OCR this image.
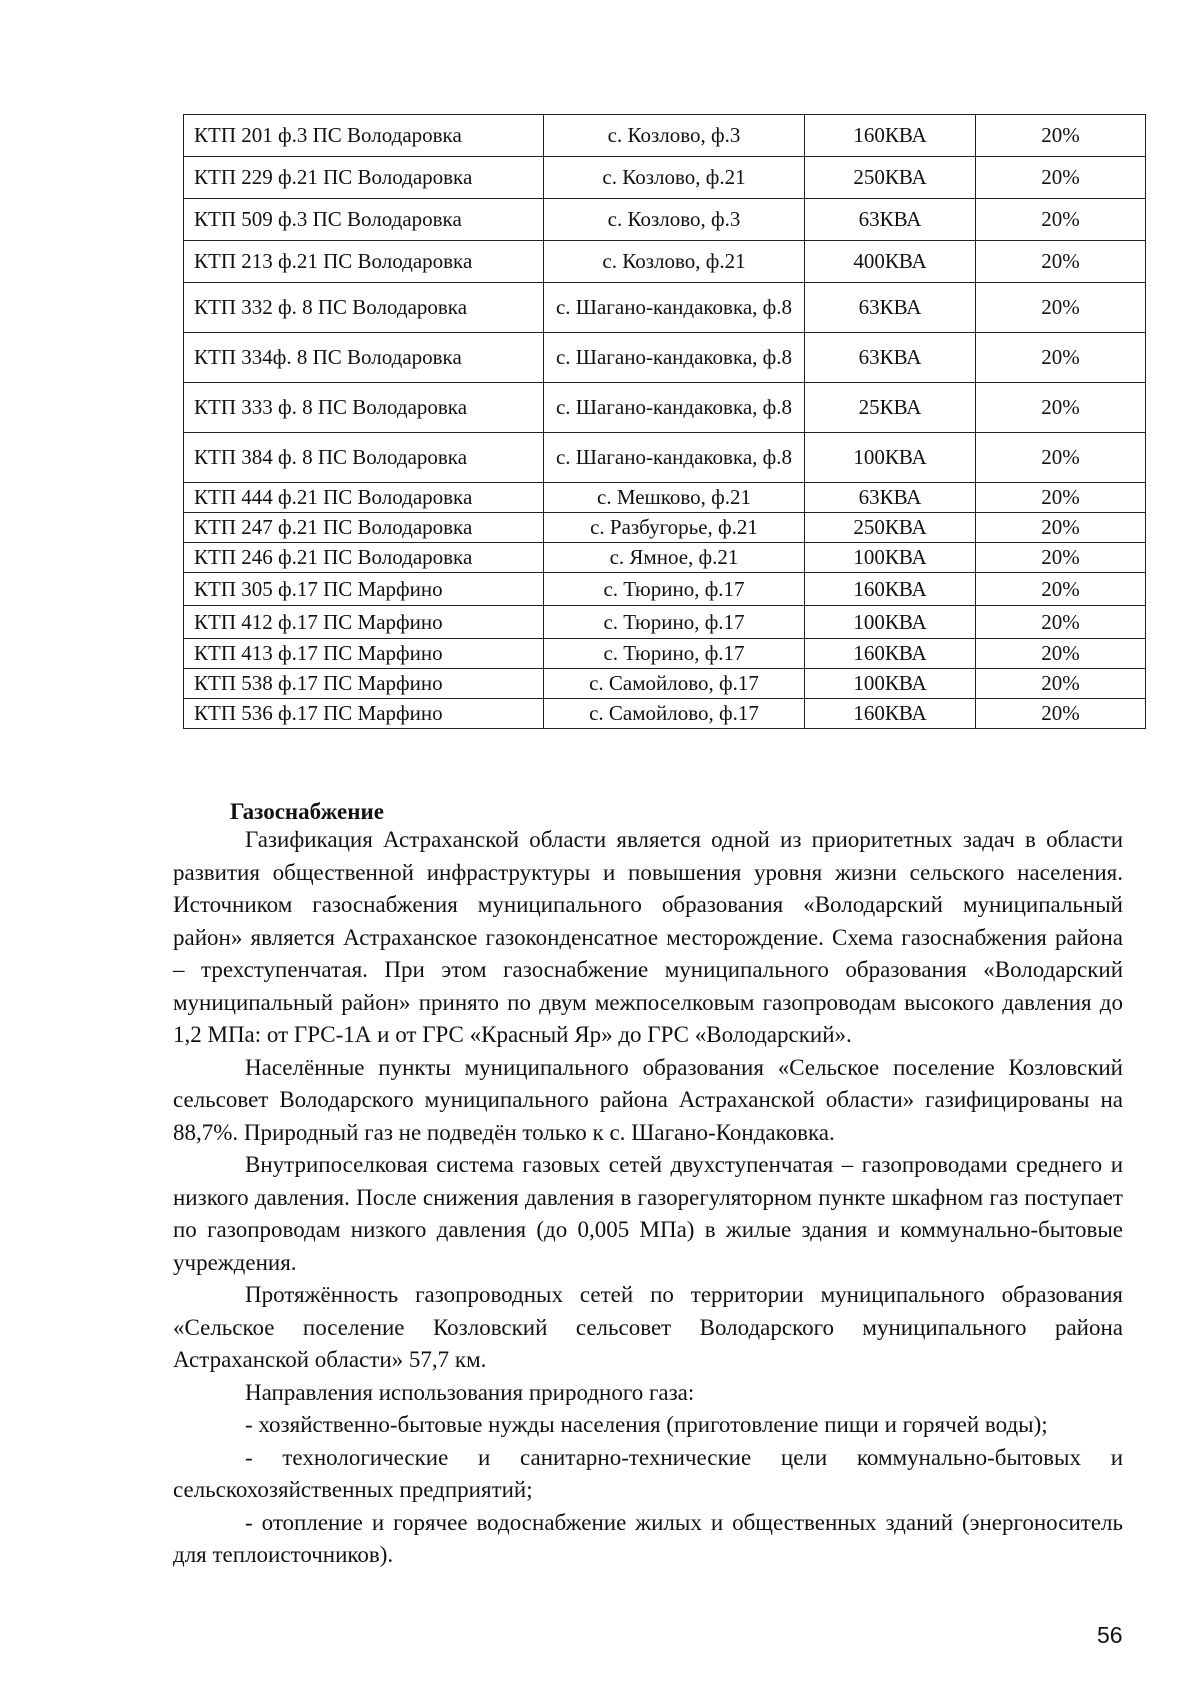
КТП 201 ф.3 ПС Володаровка	с. Козлово, ф.3	160КВА	20%
КТП 229 ф.21 ПС Володаровка	с. Козлово, ф.21	250КВА	20%
КТП 509 ф.3 ПС Володаровка	с. Козлово, ф.3	63КВА	20%
КТП 213 ф.21 ПС Володаровка	с. Козлово, ф.21	400КВА	20%
КТП 332 ф. 8 ПС Володаровка	с. Шагано-кандаковка, ф.8	63КВА	20%
КТП 334ф. 8 ПС Володаровка	с. Шагано-кандаковка, ф.8	63КВА	20%
КТП 333 ф. 8 ПС Володаровка	с. Шагано-кандаковка, ф.8	25КВА	20%
КТП 384 ф. 8 ПС Володаровка	с. Шагано-кандаковка, ф.8	100КВА	20%
КТП 444 ф.21 ПС Володаровка	с. Мешково, ф.21	63КВА	20%
КТП 247 ф.21 ПС Володаровка	с. Разбугорье, ф.21	250КВА	20%
КТП 246 ф.21 ПС Володаровка	с. Ямное, ф.21	100КВА	20%
КТП 305 ф.17 ПС Марфино	с. Тюрино, ф.17	160КВА	20%
КТП 412 ф.17 ПС Марфино	с. Тюрино, ф.17	100КВА	20%
КТП 413 ф.17 ПС Марфино	с. Тюрино, ф.17	160КВА	20%
КТП 538 ф.17 ПС Марфино	с. Самойлово, ф.17	100КВА	20%
КТП 536 ф.17 ПС Марфино	с. Самойлово, ф.17	160КВА	20%
Газоснабжение

Газификация Астраханской области является одной из приоритетных задач в области развития общественной инфраструктуры и повышения уровня жизни сельского населения. Источником газоснабжения муниципального образования «Володарский муниципальный район» является Астраханское газоконденсатное месторождение. Схема газоснабжения района – трехступенчатая. При этом газоснабжение муниципального образования «Володарский муниципальный район» принято по двум межпоселковым газопроводам высокого давления до 1,2 МПа: от ГРС-1А и от ГРС «Красный Яр» до ГРС «Володарский».

Населённые пункты муниципального образования «Сельское поселение Козловский сельсовет Володарского муниципального района Астраханской области» газифицированы на 88,7%. Природный газ не подведён только к с. Шагано-Кондаковка.

Внутрипоселковая система газовых сетей двухступенчатая – газопроводами среднего и низкого давления. После снижения давления в газорегуляторном пункте шкафном газ поступает по газопроводам низкого давления (до 0,005 МПа) в жилые здания и коммунально-бытовые учреждения.

Протяжённость газопроводных сетей по территории муниципального образования «Сельское поселение Козловский сельсовет Володарского муниципального района Астраханской области» 57,7 км.

Направления использования природного газа:

- хозяйственно-бытовые нужды населения (приготовление пищи и горячей воды);

- технологические и санитарно-технические цели коммунально-бытовых и сельскохозяйственных предприятий;

- отопление и горячее водоснабжение жилых и общественных зданий (энергоноситель для теплоисточников).

56
